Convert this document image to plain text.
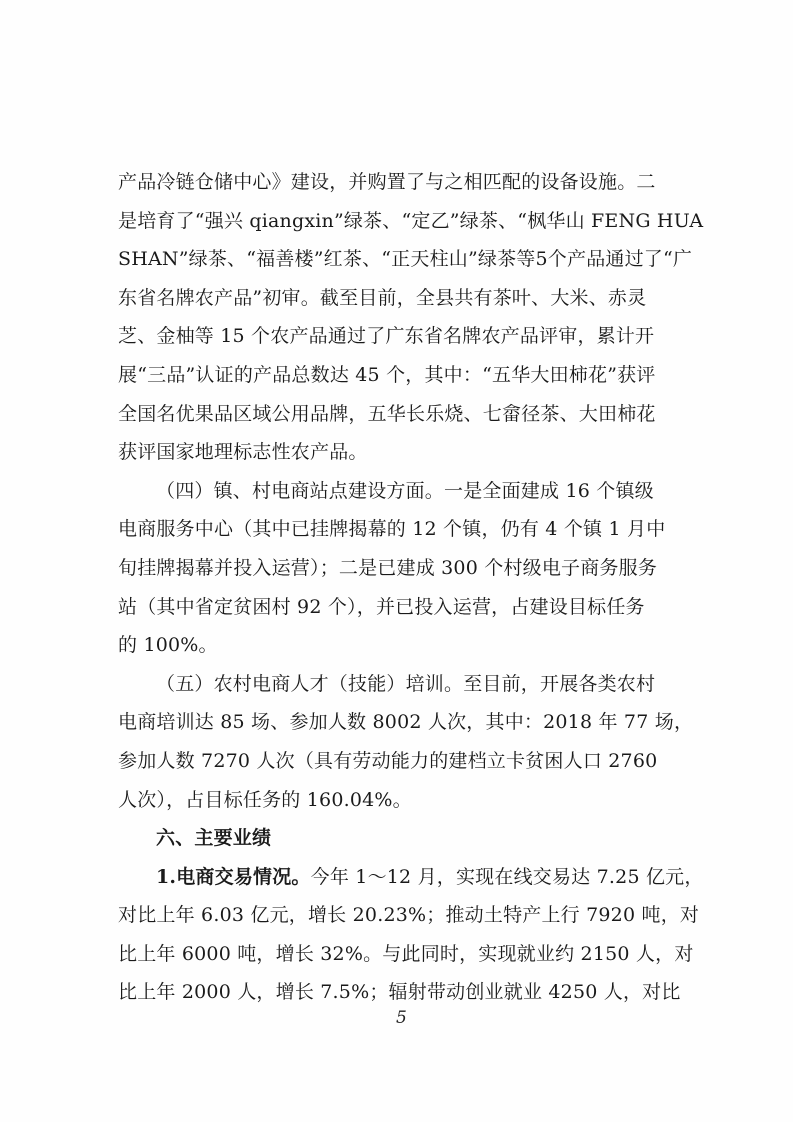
产品冷链仓储中心》建设，并购置了与之相匹配的设备设施。二
是培育了“强兴 qiangxin”绿茶、“定乙”绿茶、“枫华山 FENG HUA
SHAN”绿茶、“福善楼”红茶、“正天柱山”绿茶等5个产品通过了“广
东省名牌农产品”初审。截至目前，全县共有茶叶、大米、赤灵
芝、金柚等 15 个农产品通过了广东省名牌农产品评审，累计开
展“三品”认证的产品总数达 45 个，其中：“五华大田柿花”获评
全国名优果品区域公用品牌，五华长乐烧、七畲径茶、大田柿花
获评国家地理标志性农产品。
（四）镇、村电商站点建设方面。一是全面建成 16 个镇级
电商服务中心（其中已挂牌揭幕的 12 个镇，仍有 4 个镇 1 月中
旬挂牌揭幕并投入运营）；二是已建成 300 个村级电子商务服务
站（其中省定贫困村 92 个），并已投入运营，占建设目标任务
的 100%。
（五）农村电商人才（技能）培训。至目前，开展各类农村
电商培训达 85 场、参加人数 8002 人次，其中：2018 年 77 场，
参加人数 7270 人次（具有劳动能力的建档立卡贫困人口 2760
人次），占目标任务的 160.04%。
六、主要业绩
1.电商交易情况。今年 1～12 月，实现在线交易达 7.25 亿元，
对比上年 6.03 亿元，增长 20.23%；推动土特产上行 7920 吨，对
比上年 6000 吨，增长 32%。与此同时，实现就业约 2150 人，对
比上年 2000 人，增长 7.5%；辐射带动创业就业 4250 人，对比
5
